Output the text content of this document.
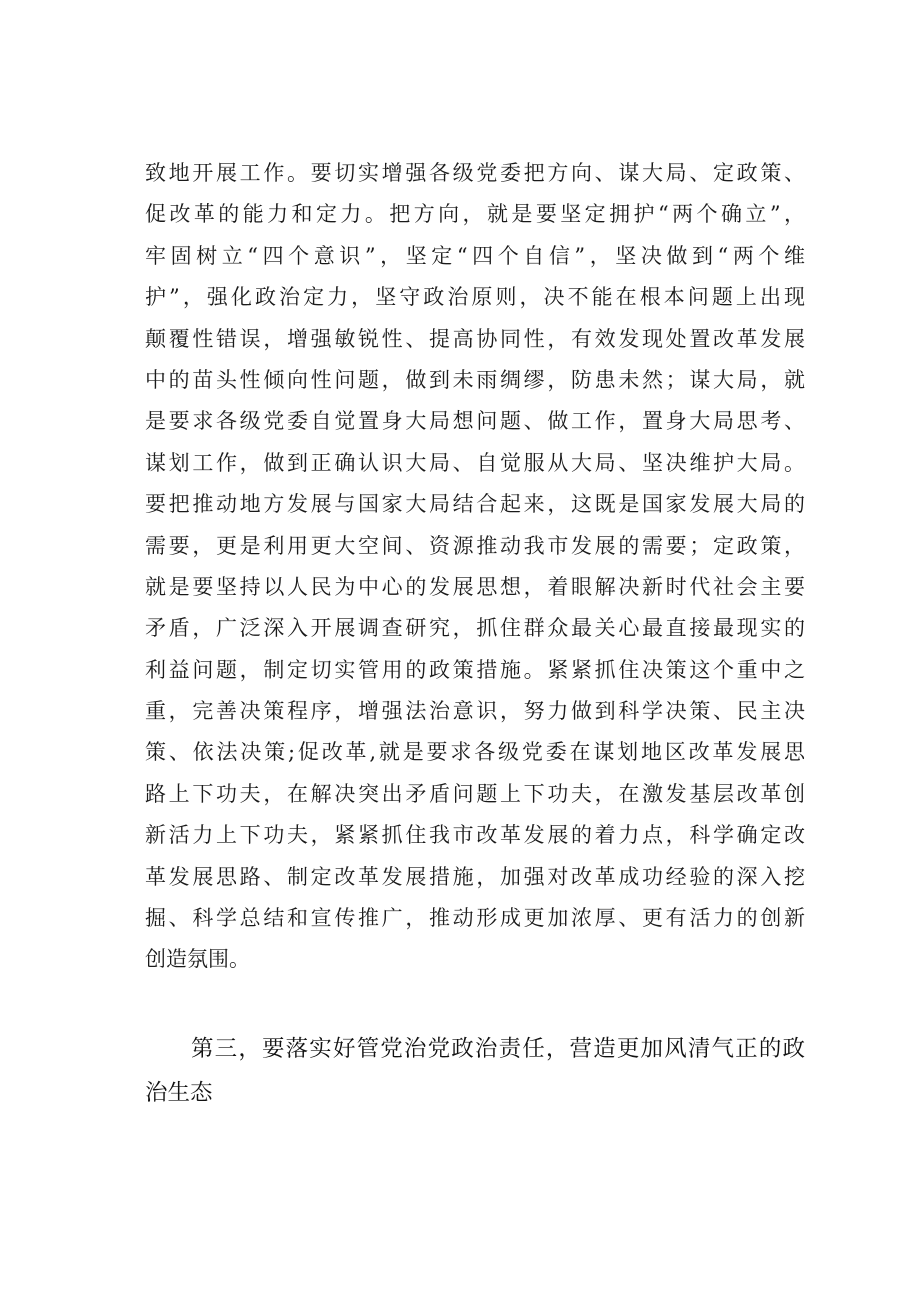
致地开展工作。要切实增强各级党委把方向、谋大局、定政策、
促改革的能力和定力。把方向，就是要坚定拥护“两个确立”，
牢固树立“四个意识”，坚定“四个自信”，坚决做到“两个维
护”，强化政治定力，坚守政治原则，决不能在根本问题上出现
颠覆性错误，增强敏锐性、提高协同性，有效发现处置改革发展
中的苗头性倾向性问题，做到未雨绸缪，防患未然；谋大局，就
是要求各级党委自觉置身大局想问题、做工作，置身大局思考、
谋划工作，做到正确认识大局、自觉服从大局、坚决维护大局。
要把推动地方发展与国家大局结合起来，这既是国家发展大局的
需要，更是利用更大空间、资源推动我市发展的需要；定政策，
就是要坚持以人民为中心的发展思想，着眼解决新时代社会主要
矛盾，广泛深入开展调查研究，抓住群众最关心最直接最现实的
利益问题，制定切实管用的政策措施。紧紧抓住决策这个重中之
重，完善决策程序，增强法治意识，努力做到科学决策、民主决
策、依法决策;促改革,就是要求各级党委在谋划地区改革发展思
路上下功夫，在解决突出矛盾问题上下功夫，在激发基层改革创
新活力上下功夫，紧紧抓住我市改革发展的着力点，科学确定改
革发展思路、制定改革发展措施，加强对改革成功经验的深入挖
掘、科学总结和宣传推广，推动形成更加浓厚、更有活力的创新
创造氛围。
第三，要落实好管党治党政治责任，营造更加风清气正的政
治生态
